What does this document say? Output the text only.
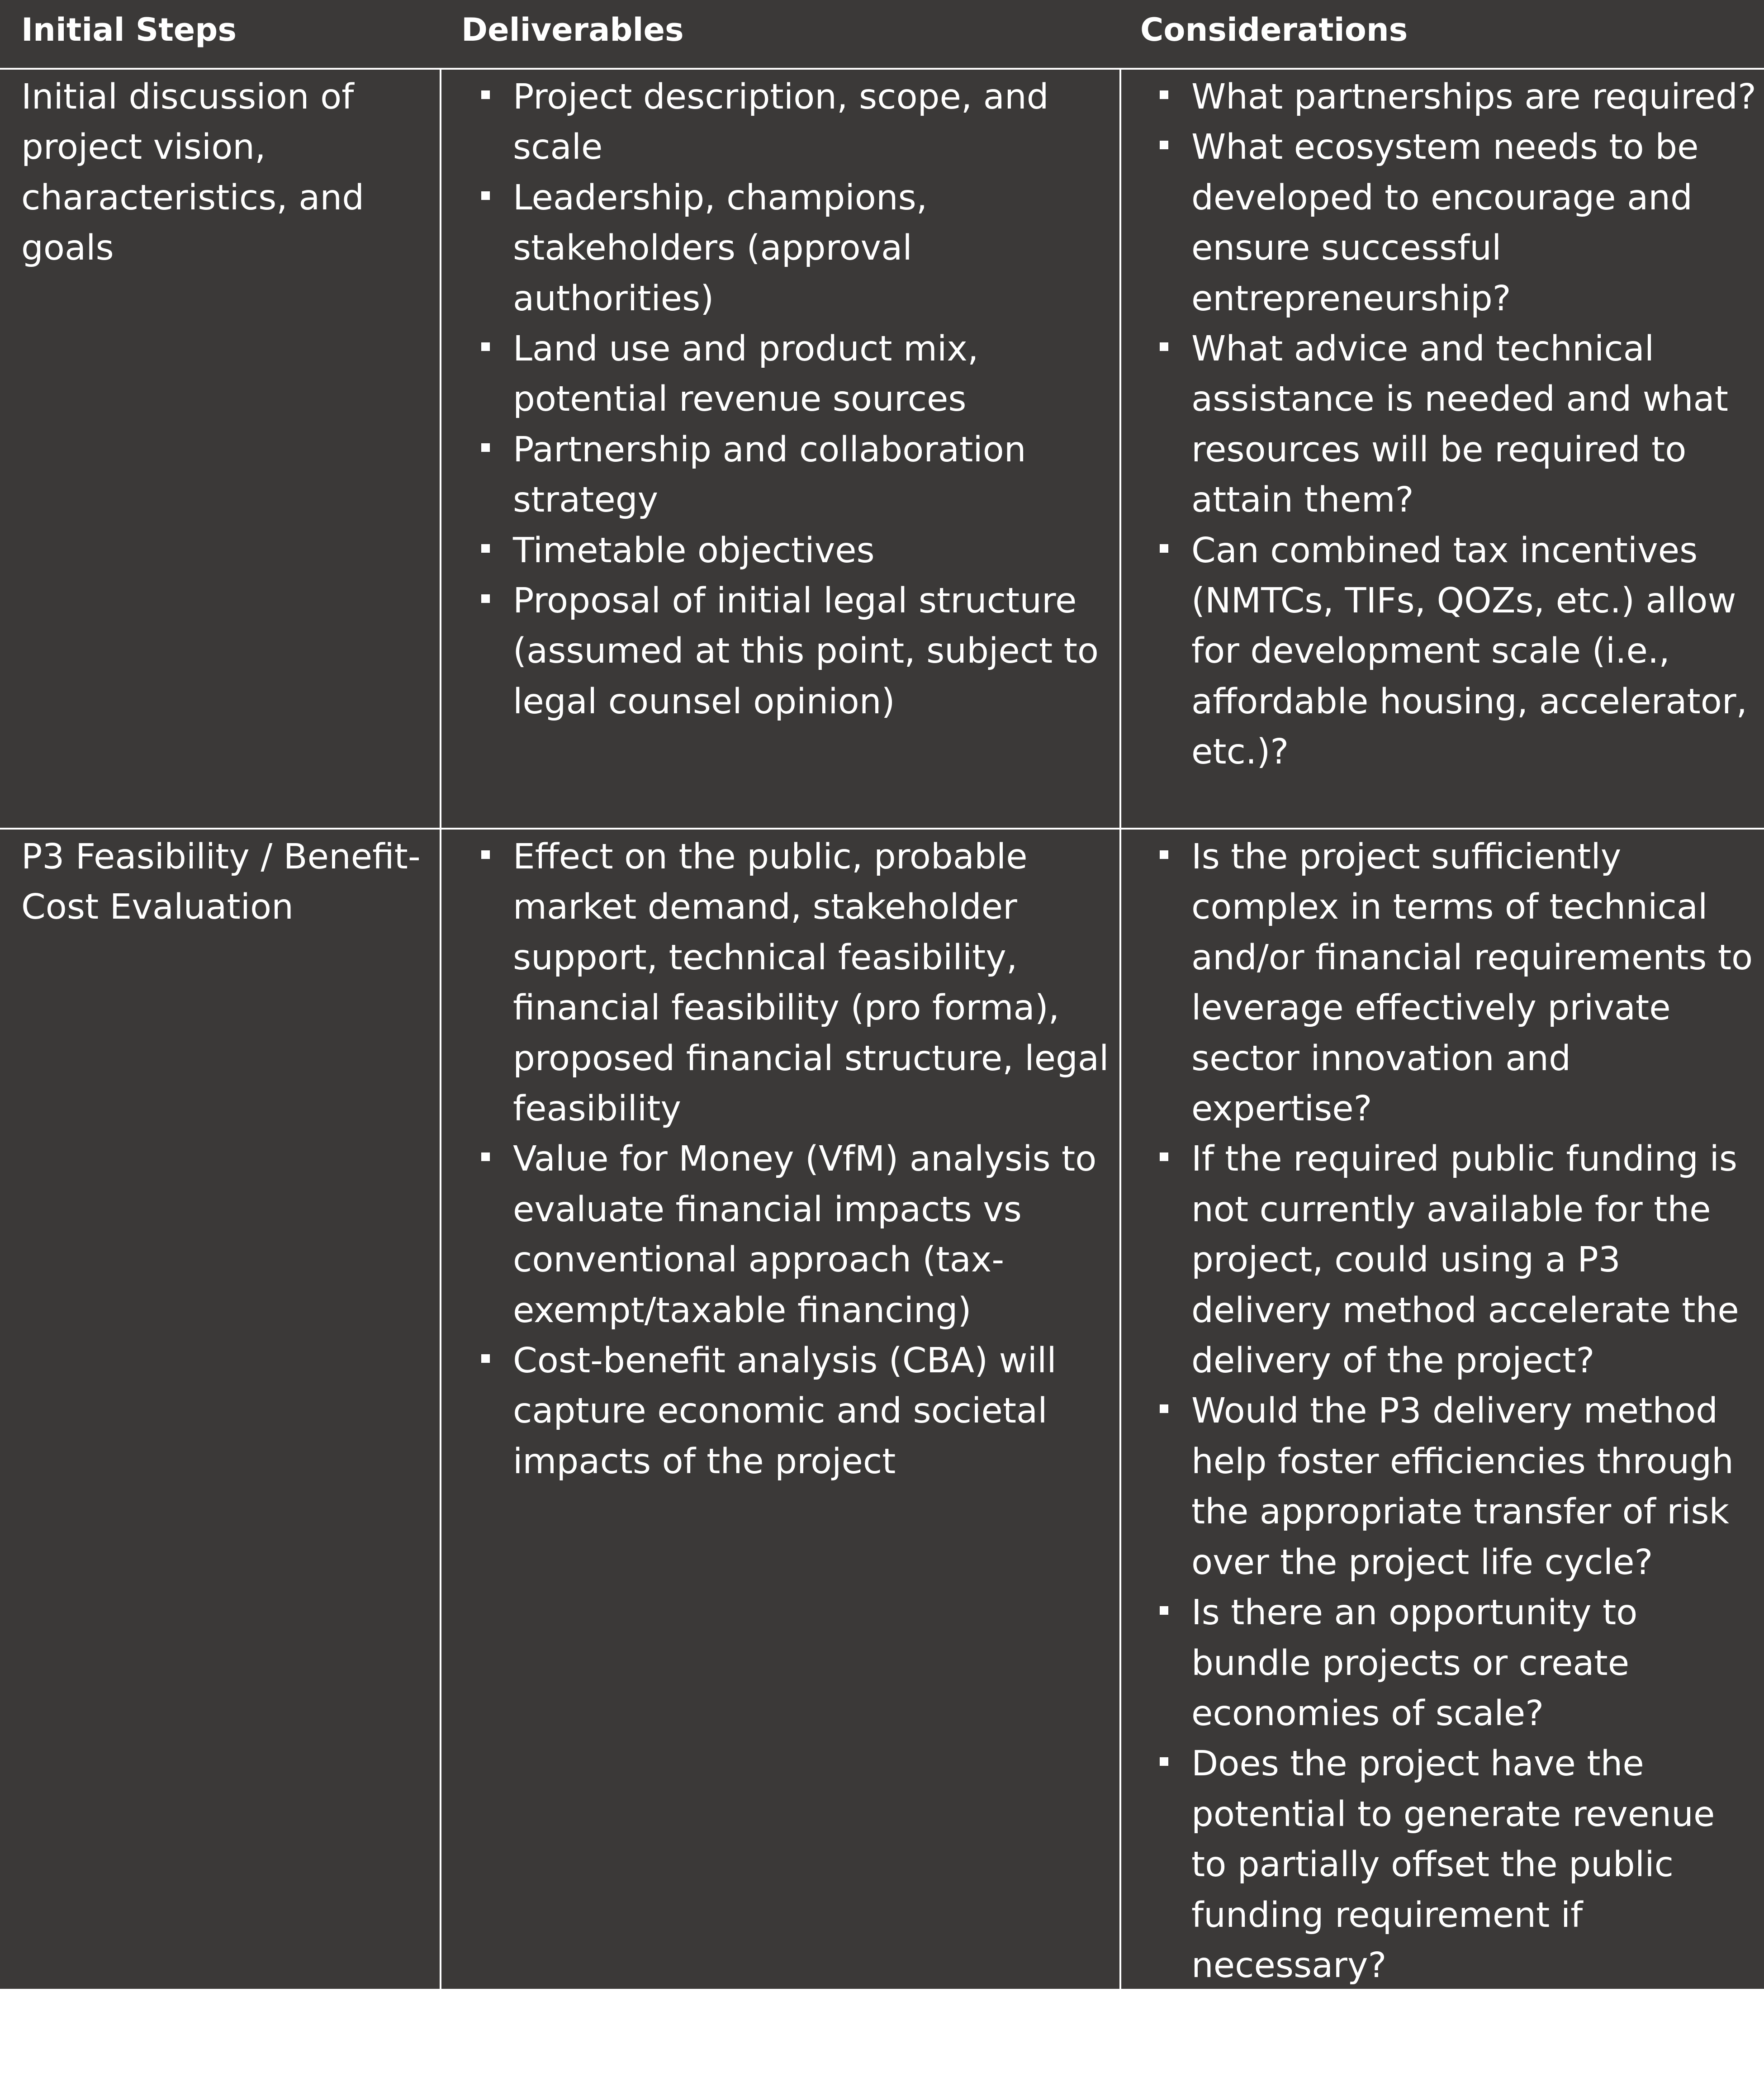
Initial Steps	Deliverables	Considerations
Initial discussion of project vision, characteristics, and goals
Project description, scope, and scale
Leadership, champions, stakeholders (approval authorities)
Land use and product mix, potential revenue sources
Partnership and collaboration strategy
Timetable objectives
Proposal of initial legal structure (assumed at this point, subject to legal counsel opinion)
What partnerships are required?
What ecosystem needs to be developed to encourage and ensure successful entrepreneurship?
What advice and technical assistance is needed and what resources will be required to attain them?
Can combined tax incentives (NMTCs, TIFs, QOZs, etc.) allow for development scale (i.e., affordable housing, accelerator, etc.)?
P3 Feasibility / Benefit-Cost Evaluation
Effect on the public, probable market demand, stakeholder support, technical feasibility, financial feasibility (pro forma), proposed financial structure, legal feasibility
Value for Money (VfM) analysis to evaluate financial impacts vs conventional approach (tax-exempt/taxable financing)
Cost-benefit analysis (CBA) will capture economic and societal impacts of the project
Is the project sufficiently complex in terms of technical and/or financial requirements to leverage effectively private sector innovation and expertise?
If the required public funding is not currently available for the project, could using a P3 delivery method accelerate the delivery of the project?
Would the P3 delivery method help foster efficiencies through the appropriate transfer of risk over the project life cycle?
Is there an opportunity to bundle projects or create economies of scale?
Does the project have the potential to generate revenue to partially offset the public funding requirement if necessary?
